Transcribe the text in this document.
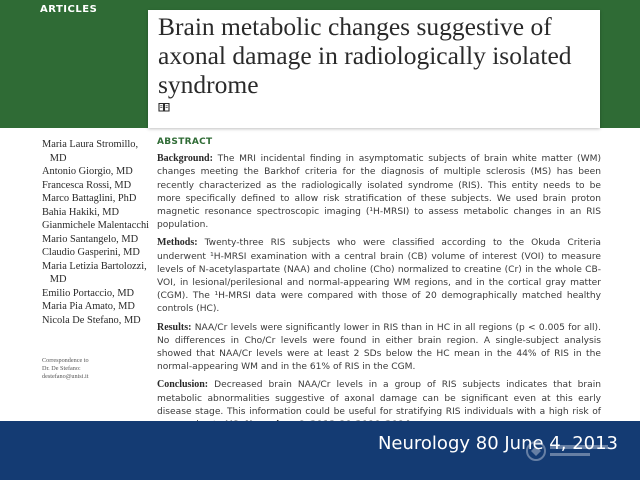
ARTICLES
Brain metabolic changes suggestive of axonal damage in radiologically isolated syndrome
Maria Laura Stromillo,
MD
Antonio Giorgio, MD
Francesca Rossi, MD
Marco Battaglini, PhD
Bahia Hakiki, MD
Gianmichele Malentacchi
Mario Santangelo, MD
Claudio Gasperini, MD
Maria Letizia Bartolozzi,
MD
Emilio Portaccio, MD
Maria Pia Amato, MD
Nicola De Stefano, MD
Correspondence to
Dr. De Stefano:
destefano@unisi.it
ABSTRACT

Background: The MRI incidental finding in asymptomatic subjects of brain white matter (WM) changes meeting the Barkhof criteria for the diagnosis of multiple sclerosis (MS) has been recently characterized as the radiologically isolated syndrome (RIS). This entity needs to be more specifically defined to allow risk stratification of these subjects. We used brain proton magnetic resonance spectroscopic imaging (¹H-MRSI) to assess metabolic changes in an RIS population.

Methods: Twenty-three RIS subjects who were classified according to the Okuda Criteria underwent ¹H-MRSI examination with a central brain (CB) volume of interest (VOI) to measure levels of N-acetylaspartate (NAA) and choline (Cho) normalized to creatine (Cr) in the whole CB-VOI, in lesional/perilesional and normal-appearing WM regions, and in the cortical gray matter (CGM). The ¹H-MRSI data were compared with those of 20 demographically matched healthy controls (HC).

Results: NAA/Cr levels were significantly lower in RIS than in HC in all regions (p < 0.005 for all). No differences in Cho/Cr levels were found in either brain region. A single-subject analysis showed that NAA/Cr levels were at least 2 SDs below the HC mean in the 44% of RIS in the normal-appearing WM and in the 61% of RIS in the CGM.

Conclusion: Decreased brain NAA/Cr levels in a group of RIS subjects indicates that brain metabolic abnormalities suggestive of axonal damage can be significant even at this early disease stage. This information could be useful for stratifying RIS individuals with a high risk of

Neurology 80 June 4, 2013
